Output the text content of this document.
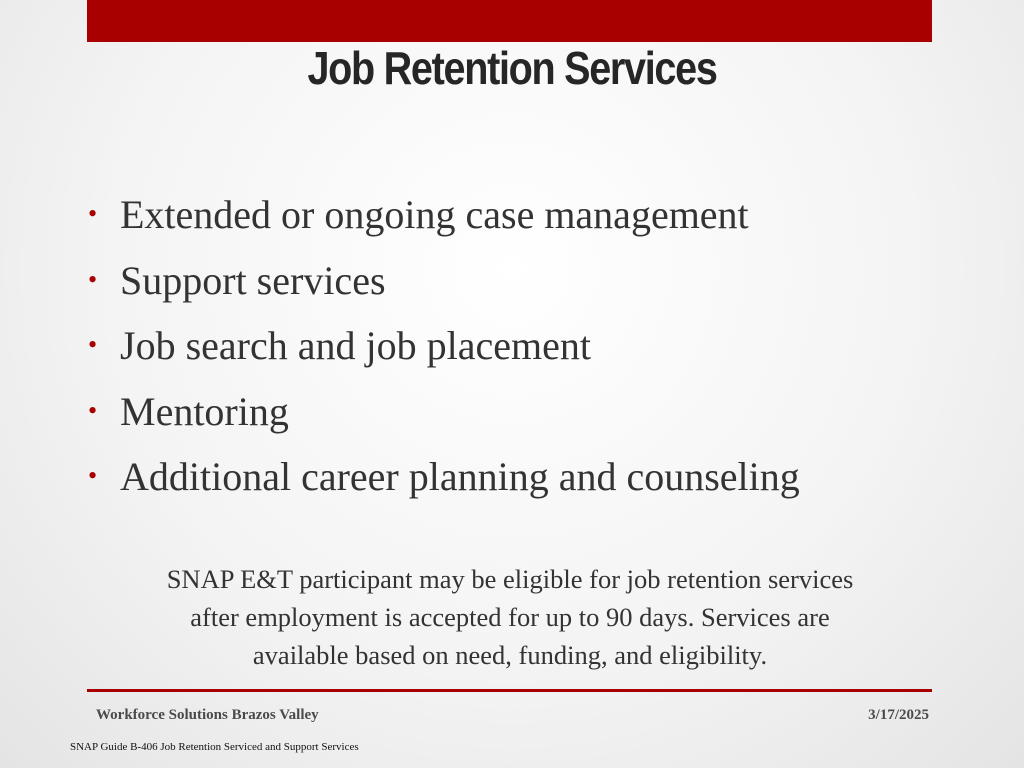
Job Retention Services
• Extended or ongoing case management
• Support services
• Job search and job placement
• Mentoring
• Additional career planning and counseling
SNAP E&T participant may be eligible for job retention services
after employment is accepted for up to 90 days. Services are
available based on need, funding, and eligibility.
Workforce Solutions Brazos Valley	3/17/2025
SNAP Guide B-406 Job Retention Serviced and Support Services
